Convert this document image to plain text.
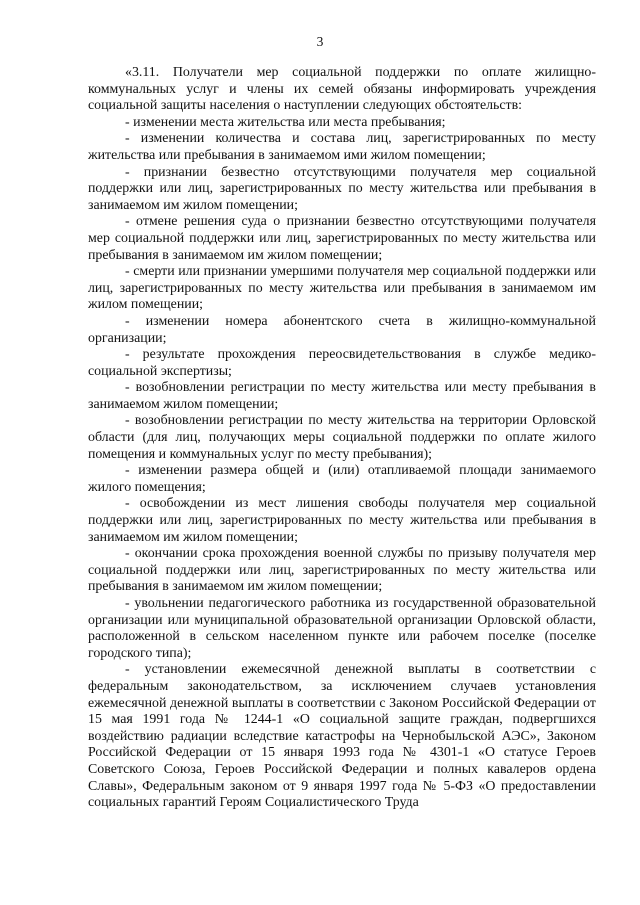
3

«3.11. Получатели мер социальной поддержки по оплате жилищно-коммунальных услуг и члены их семей обязаны информировать учреждения социальной защиты населения о наступлении следующих обстоятельств:

- изменении места жительства или места пребывания;

- изменении количества и состава лиц, зарегистрированных по месту жительства или пребывания в занимаемом ими жилом помещении;

- признании безвестно отсутствующими получателя мер социальной поддержки или лиц, зарегистрированных по месту жительства или пребывания в занимаемом им жилом помещении;

- отмене решения суда о признании безвестно отсутствующими получателя мер социальной поддержки или лиц, зарегистрированных по месту жительства или пребывания в занимаемом им жилом помещении;

- смерти или признании умершими получателя мер социальной поддержки или лиц, зарегистрированных по месту жительства или пребывания в занимаемом им жилом помещении;

- изменении номера абонентского счета в жилищно-коммунальной организации;

- результате прохождения переосвидетельствования в службе медико-социальной экспертизы;

- возобновлении регистрации по месту жительства или месту пребывания в занимаемом жилом помещении;

- возобновлении регистрации по месту жительства на территории Орловской области (для лиц, получающих меры социальной поддержки по оплате жилого помещения и коммунальных услуг по месту пребывания);

- изменении размера общей и (или) отапливаемой площади занимаемого жилого помещения;

- освобождении из мест лишения свободы получателя мер социальной поддержки или лиц, зарегистрированных по месту жительства или пребывания в занимаемом им жилом помещении;

- окончании срока прохождения военной службы по призыву получателя мер социальной поддержки или лиц, зарегистрированных по месту жительства или пребывания в занимаемом им жилом помещении;

- увольнении педагогического работника из государственной образовательной организации или муниципальной образовательной организации Орловской области, расположенной в сельском населенном пункте или рабочем поселке (поселке городского типа);

- установлении ежемесячной денежной выплаты в соответствии с федеральным законодательством, за исключением случаев установления ежемесячной денежной выплаты в соответствии с Законом Российской Федерации от 15 мая 1991 года № 1244-1 «О социальной защите граждан, подвергшихся воздействию радиации вследствие катастрофы на Чернобыльской АЭС», Законом Российской Федерации от 15 января 1993 года № 4301-1 «О статусе Героев Советского Союза, Героев Российской Федерации и полных кавалеров ордена Славы», Федеральным законом от 9 января 1997 года № 5-ФЗ «О предоставлении социальных гарантий Героям Социалистического Труда
